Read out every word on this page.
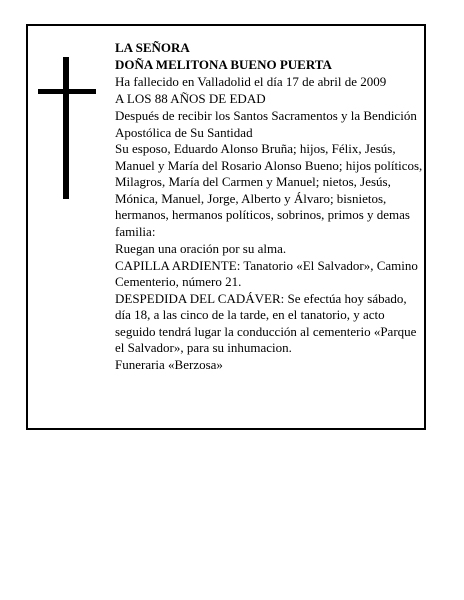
LA SEÑORA

DOÑA MELITONA BUENO PUERTA

Ha fallecido en Valladolid el día 17 de abril de 2009

A LOS 88 AÑOS DE EDAD

Después de recibir los Santos Sacramentos y la Bendición Apostólica de Su Santidad

Su esposo, Eduardo Alonso Bruña; hijos, Félix, Jesús, Manuel y María del Rosario Alonso Bueno; hijos políticos, Milagros, María del Carmen y Manuel; nietos, Jesús, Mónica, Manuel, Jorge, Alberto y Álvaro; bisnietos, hermanos, hermanos políticos, sobrinos, primos y demas familia:

Ruegan una oración por su alma.

CAPILLA ARDIENTE: Tanatorio «El Salvador», Camino Cementerio, número 21.

DESPEDIDA DEL CADÁVER: Se efectúa hoy sábado, día 18, a las cinco de la tarde, en el tanatorio, y acto seguido tendrá lugar la conducción al cementerio «Parque el Salvador», para su inhumacion.

Funeraria «Berzosa»
